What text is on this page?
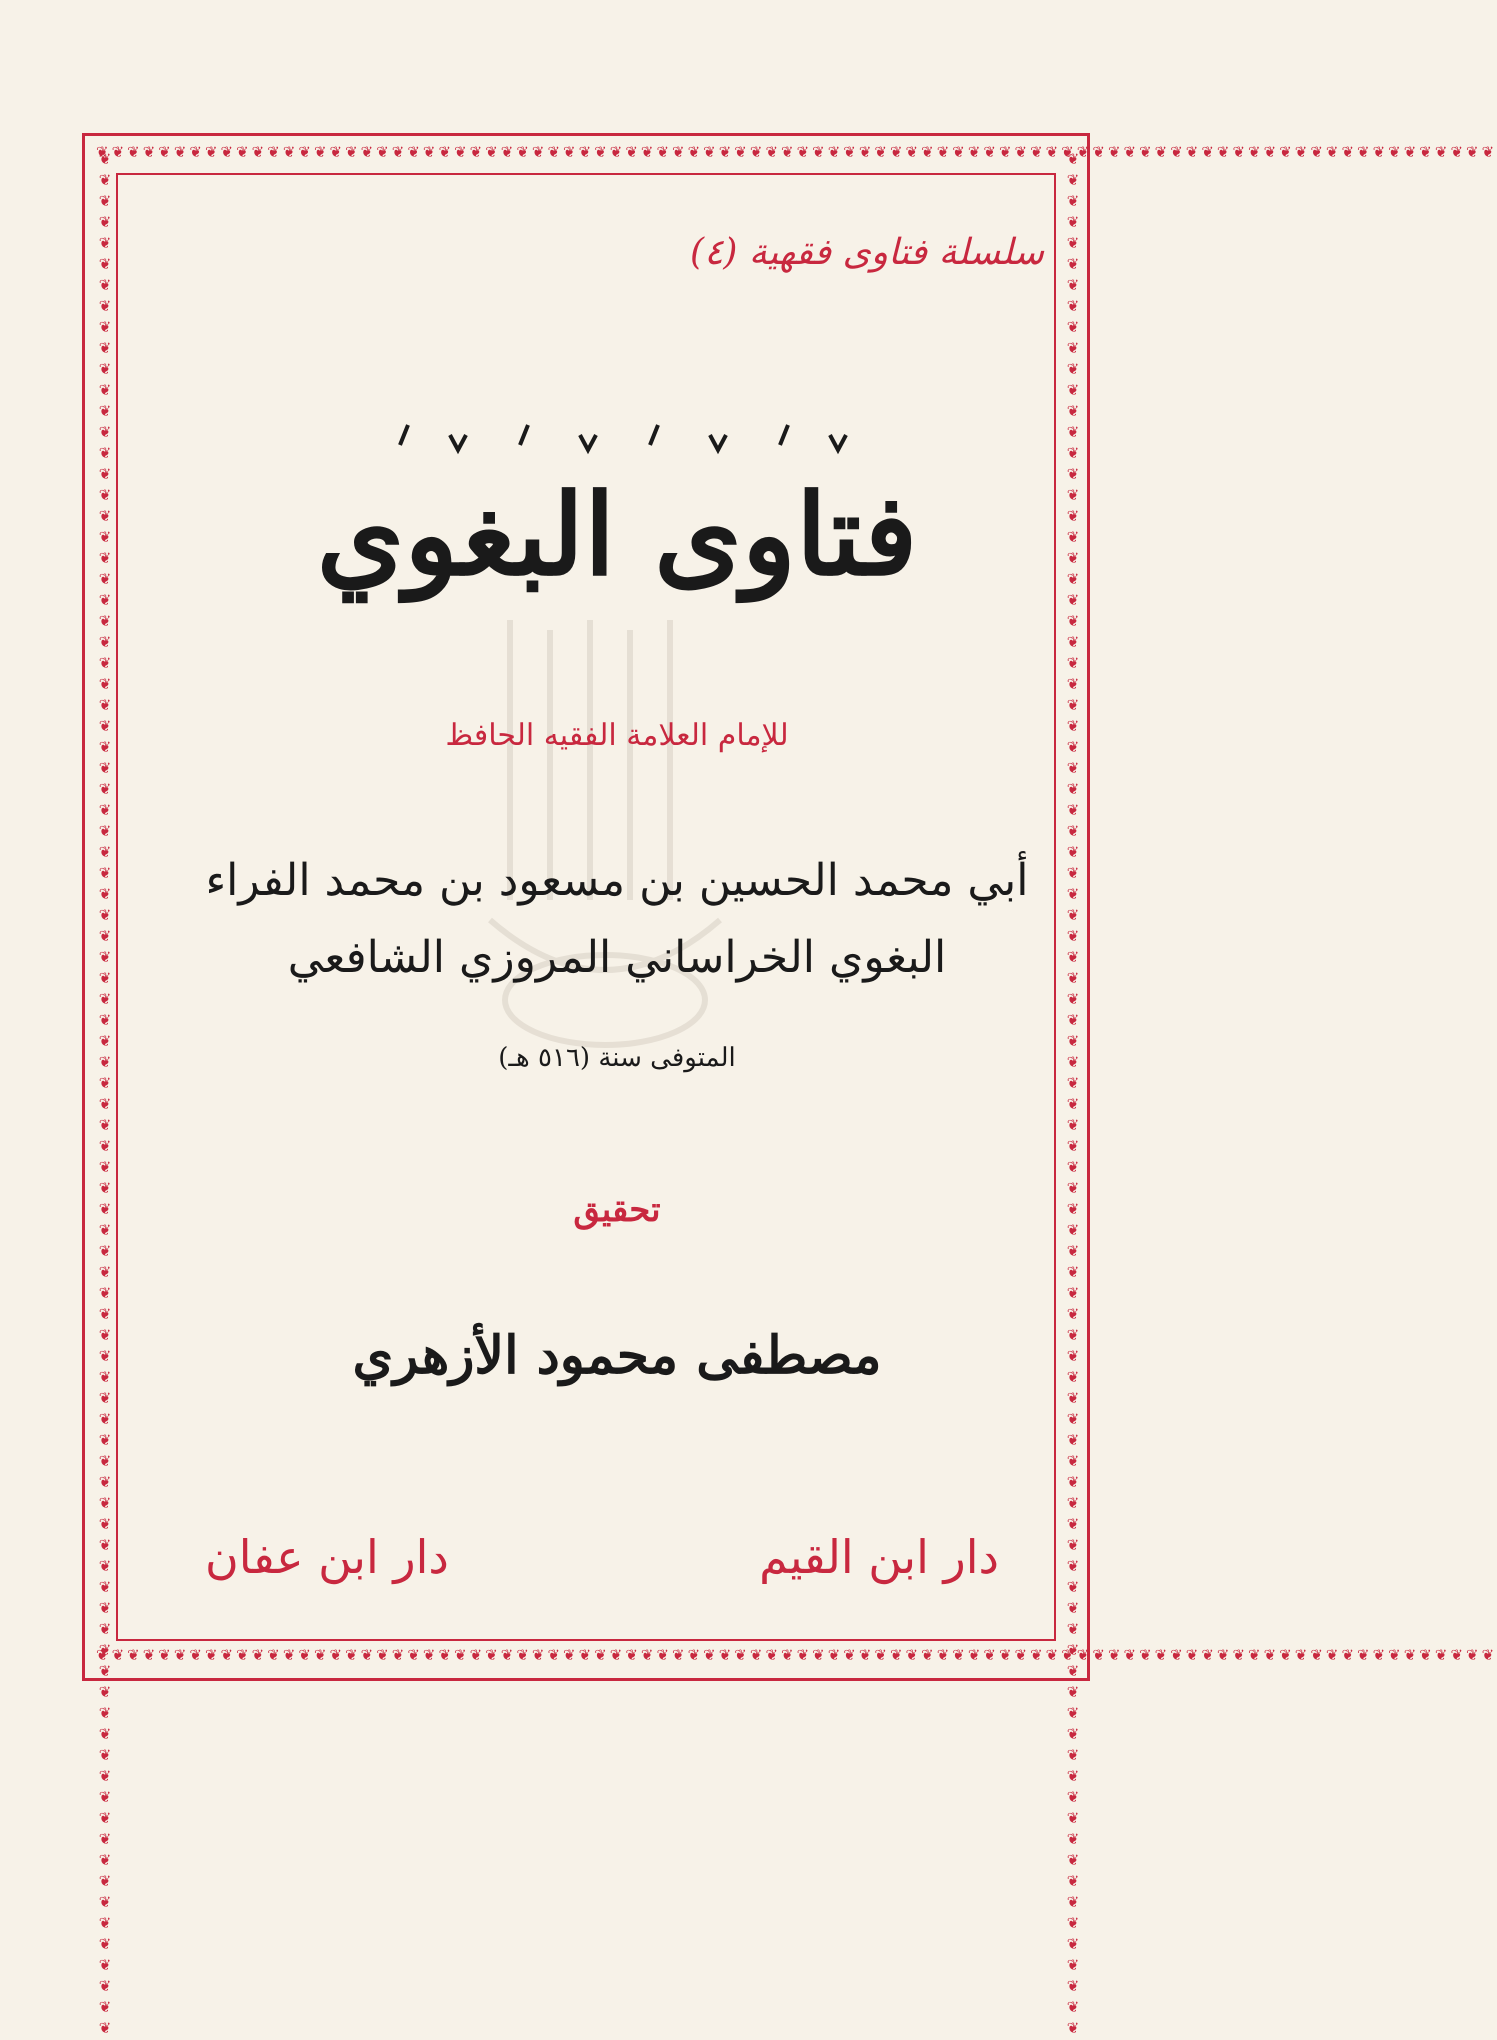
❦❦❦❦❦❦❦❦❦❦❦❦❦❦❦❦❦❦❦❦❦❦❦❦❦❦❦❦❦❦❦❦❦❦❦❦❦❦❦❦❦❦❦❦❦❦❦❦❦❦❦❦❦❦❦❦❦❦❦❦❦❦❦❦❦❦❦❦❦❦❦❦❦❦❦❦❦❦❦❦❦❦❦❦❦❦❦❦❦❦
❦❦❦❦❦❦❦❦❦❦❦❦❦❦❦❦❦❦❦❦❦❦❦❦❦❦❦❦❦❦❦❦❦❦❦❦❦❦❦❦❦❦❦❦❦❦❦❦❦❦❦❦❦❦❦❦❦❦❦❦❦❦❦❦❦❦❦❦❦❦❦❦❦❦❦❦❦❦❦❦❦❦❦❦❦❦❦❦❦❦
❦❦❦❦❦❦❦❦❦❦❦❦❦❦❦❦❦❦❦❦❦❦❦❦❦❦❦❦❦❦❦❦❦❦❦❦❦❦❦❦❦❦❦❦❦❦❦❦❦❦❦❦❦❦❦❦❦❦❦❦❦❦❦❦❦❦❦❦❦❦❦❦❦❦❦❦❦❦❦❦❦❦❦❦❦❦❦❦❦❦	❦❦❦❦❦❦❦❦❦❦❦❦❦❦❦❦❦❦❦❦❦❦❦❦❦❦❦❦❦❦❦❦❦❦❦❦❦❦❦❦❦❦❦❦❦❦❦❦❦❦❦❦❦❦❦❦❦❦❦❦❦❦❦❦❦❦❦❦❦❦❦❦❦❦❦❦❦❦❦❦❦❦❦❦❦❦❦❦❦❦
سلسلة فتاوى فقهية (٤)
فتاوى البغوي
للإمام العلامة الفقيه الحافظ
أبي محمد الحسين بن مسعود بن محمد الفراء
البغوي الخراساني المروزي الشافعي
المتوفى سنة (٥١٦ هـ)
تحقيق
مصطفى محمود الأزهري
دار ابن القيم
دار ابن عفان
